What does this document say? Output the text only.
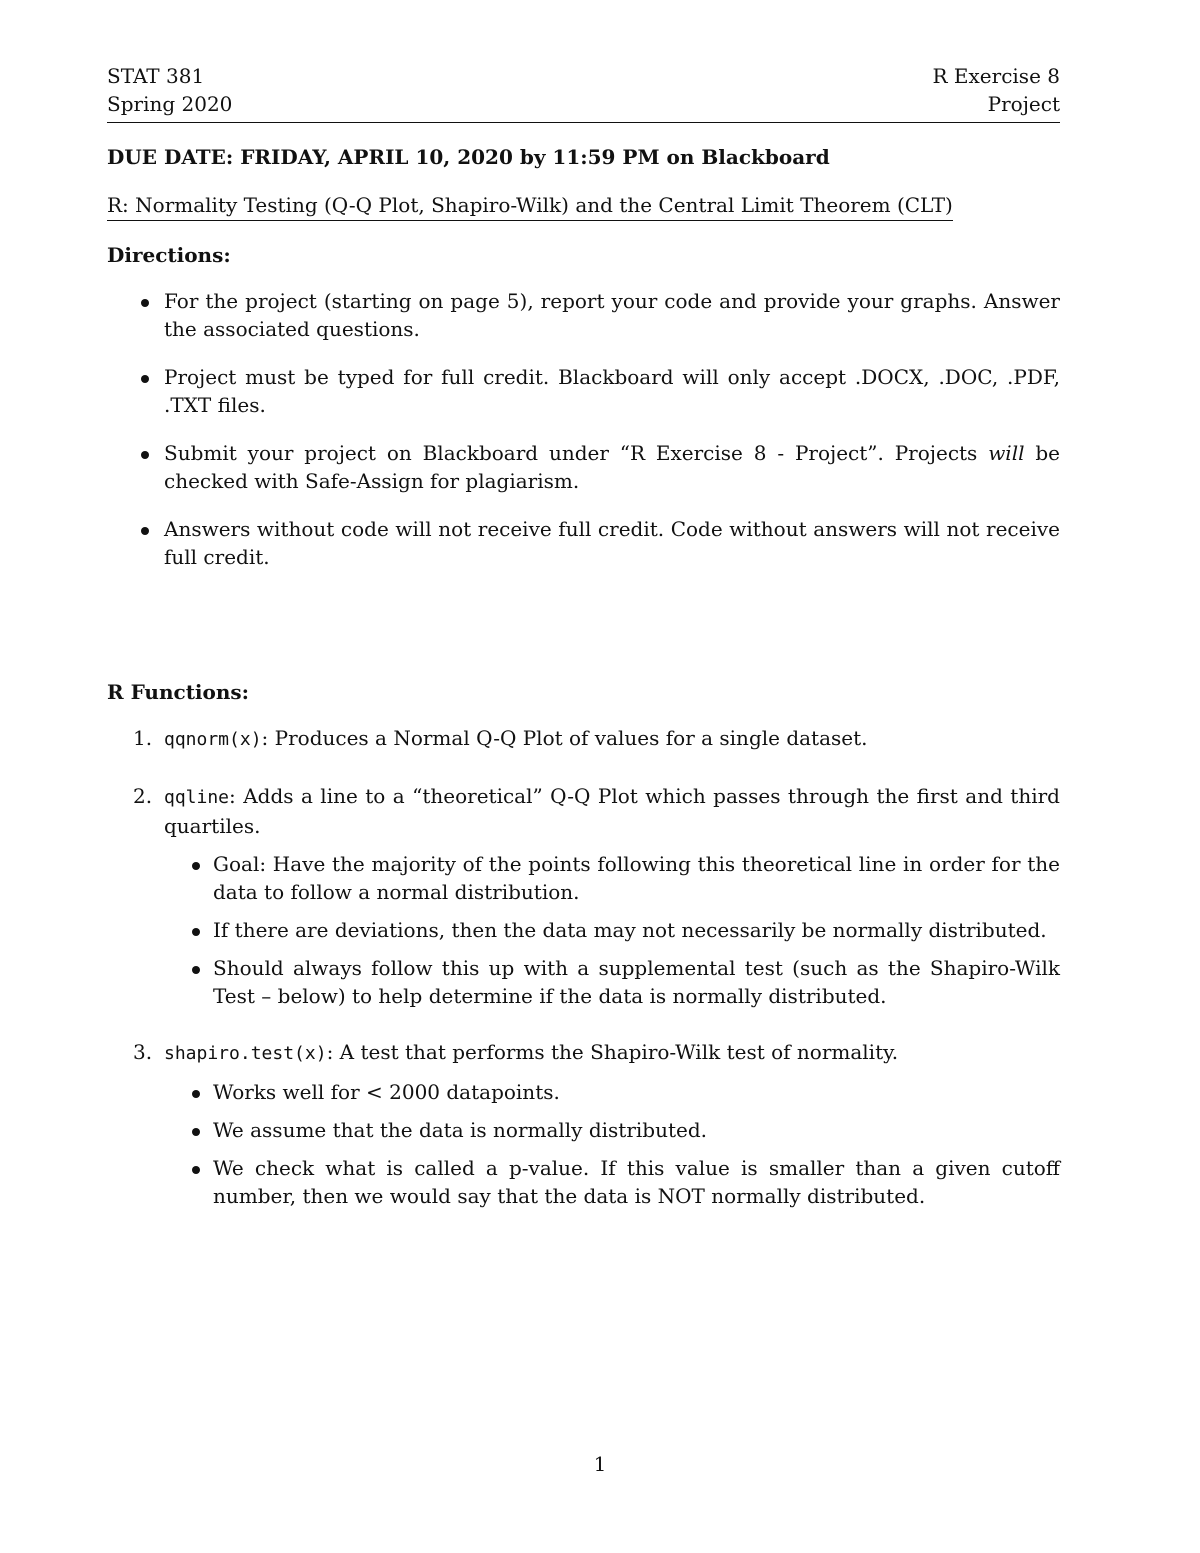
STAT 381	R Exercise 8
Spring 2020	Project
DUE DATE: FRIDAY, APRIL 10, 2020 by 11:59 PM on Blackboard
R: Normality Testing (Q-Q Plot, Shapiro-Wilk) and the Central Limit Theorem (CLT)
Directions:
For the project (starting on page 5), report your code and provide your graphs. Answer the associated questions.
Project must be typed for full credit. Blackboard will only accept .DOCX, .DOC, .PDF, .TXT files.
Submit your project on Blackboard under “R Exercise 8 - Project”. Projects will be checked with Safe-Assign for plagiarism.
Answers without code will not receive full credit. Code without answers will not receive full credit.
R Functions:
1. qqnorm(x): Produces a Normal Q-Q Plot of values for a single dataset.
2. qqline: Adds a line to a “theoretical” Q-Q Plot which passes through the first and third quartiles.
Goal: Have the majority of the points following this theoretical line in order for the data to follow a normal distribution.
If there are deviations, then the data may not necessarily be normally distributed.
Should always follow this up with a supplemental test (such as the Shapiro-Wilk Test – below) to help determine if the data is normally distributed.
3. shapiro.test(x): A test that performs the Shapiro-Wilk test of normality.
Works well for < 2000 datapoints.
We assume that the data is normally distributed.
We check what is called a p-value. If this value is smaller than a given cutoff number, then we would say that the data is NOT normally distributed.
1
